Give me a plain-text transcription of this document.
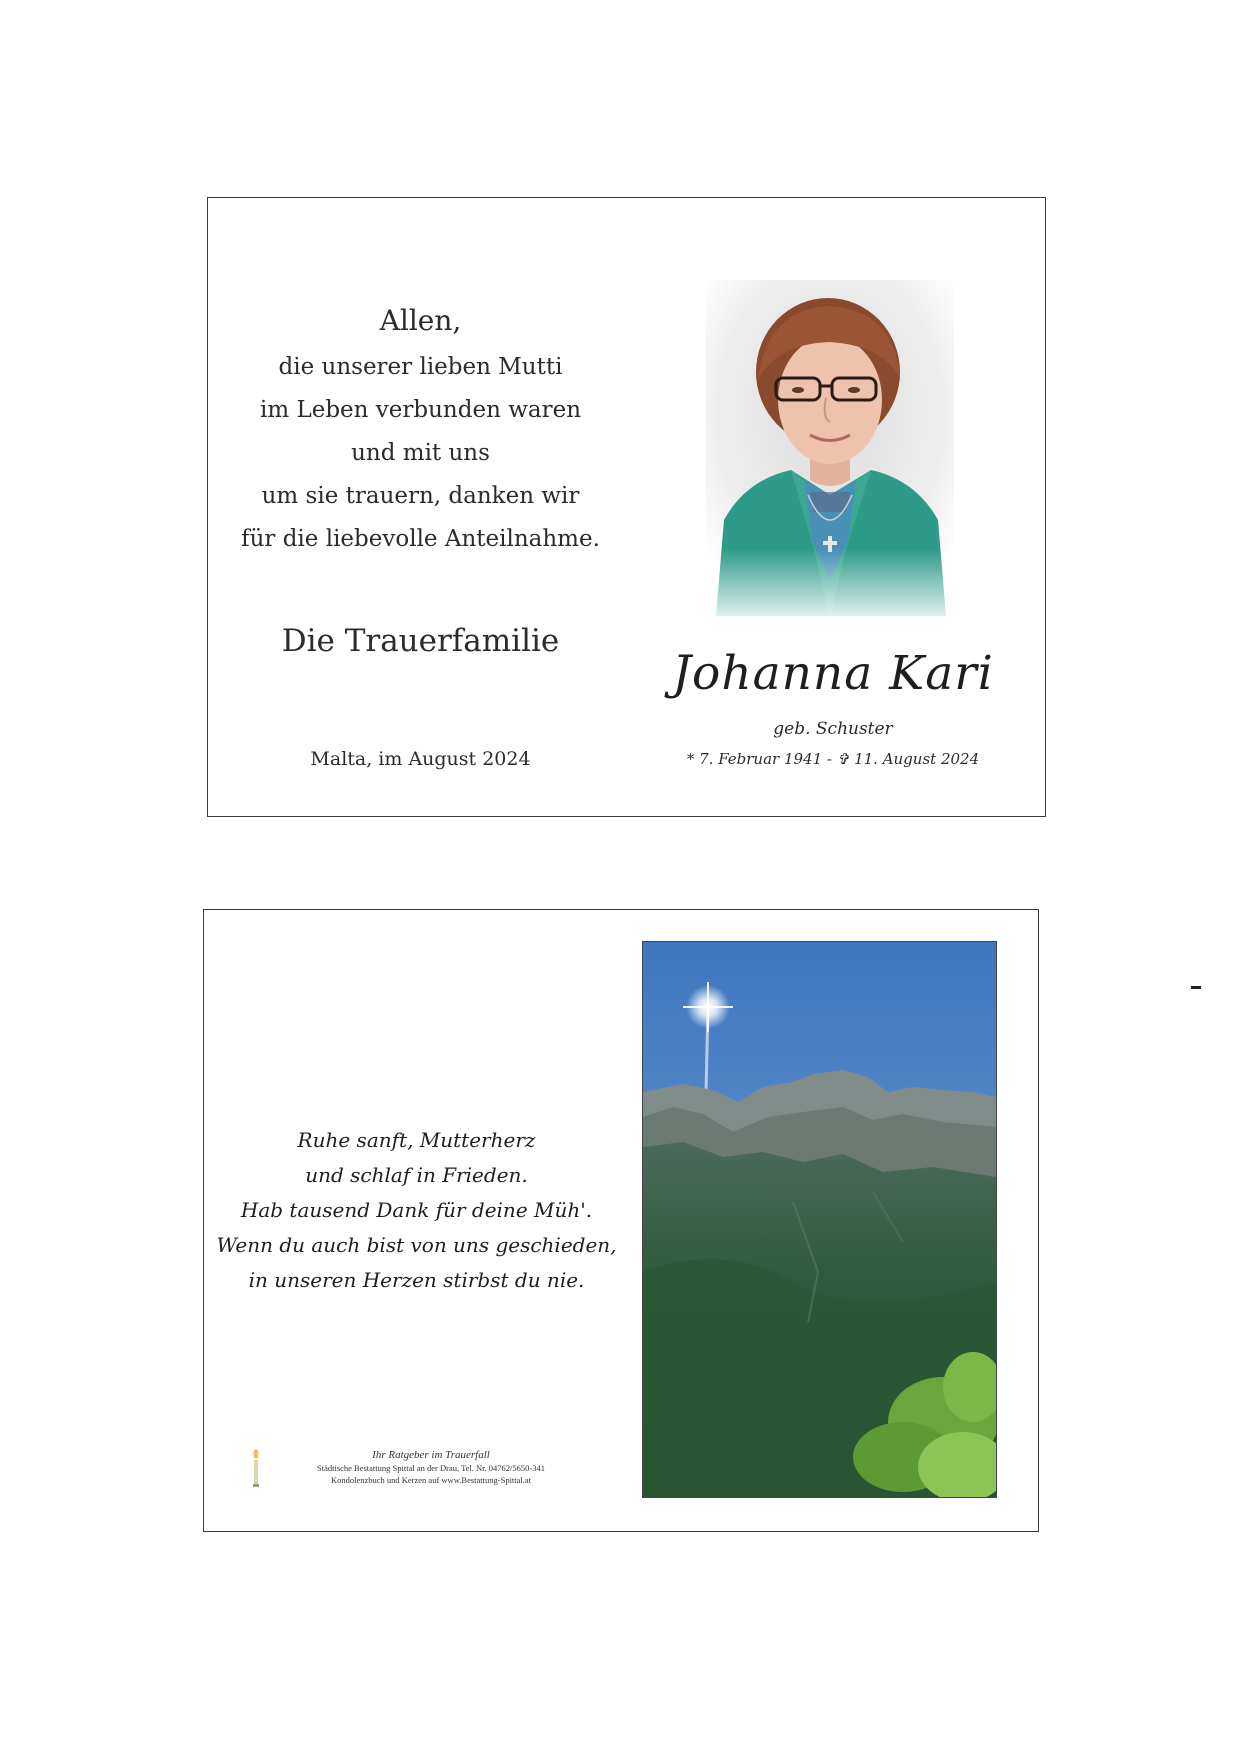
Allen,
die unserer lieben Mutti
im Leben verbunden waren
und mit uns
um sie trauern, danken wir
für die liebevolle Anteilnahme.
Die Trauerfamilie
Malta, im August 2024
Johanna Kari
geb. Schuster
* 7. Februar 1941 - ✞ 11. August 2024
Ruhe sanft, Mutterherz
und schlaf in Frieden.
Hab tausend Dank für deine Müh'.
Wenn du auch bist von uns geschieden,
in unseren Herzen stirbst du nie.
Ihr Ratgeber im Trauerfall
Städtische Bestattung Spittal an der Drau, Tel. Nr. 04762/5650-341
Kondolenzbuch und Kerzen auf www.Bestattung-Spittal.at
